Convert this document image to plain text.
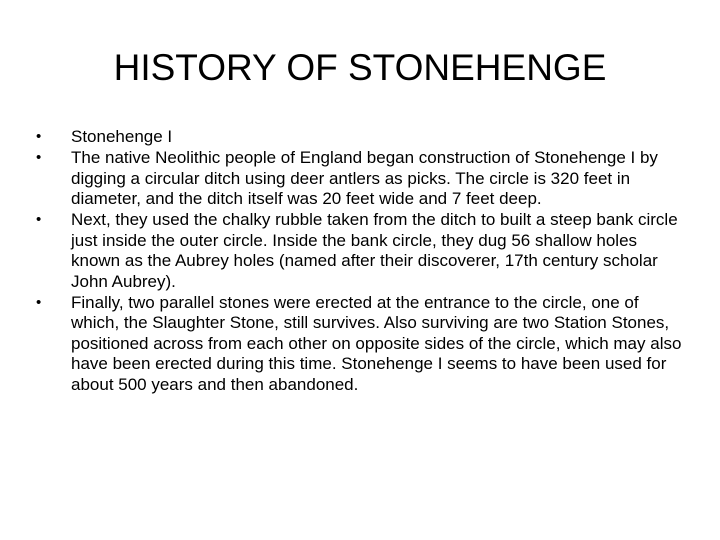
HISTORY OF STONEHENGE
•	Stonehenge I
•	The native Neolithic people of England began construction of Stonehenge I by digging a circular ditch using deer antlers as picks. The circle is 320 feet in diameter, and the ditch itself was 20 feet wide and 7 feet deep.
•	Next, they used the chalky rubble taken from the ditch to built a steep bank circle just inside the outer circle. Inside the bank circle, they dug 56 shallow holes known as the Aubrey holes (named after their discoverer, 17th century scholar John Aubrey).
•	Finally, two parallel stones were erected at the entrance to the circle, one of which, the Slaughter Stone, still survives. Also surviving are two Station Stones, positioned across from each other on opposite sides of the circle, which may also have been erected during this time. Stonehenge I seems to have been used for about 500 years and then abandoned.
